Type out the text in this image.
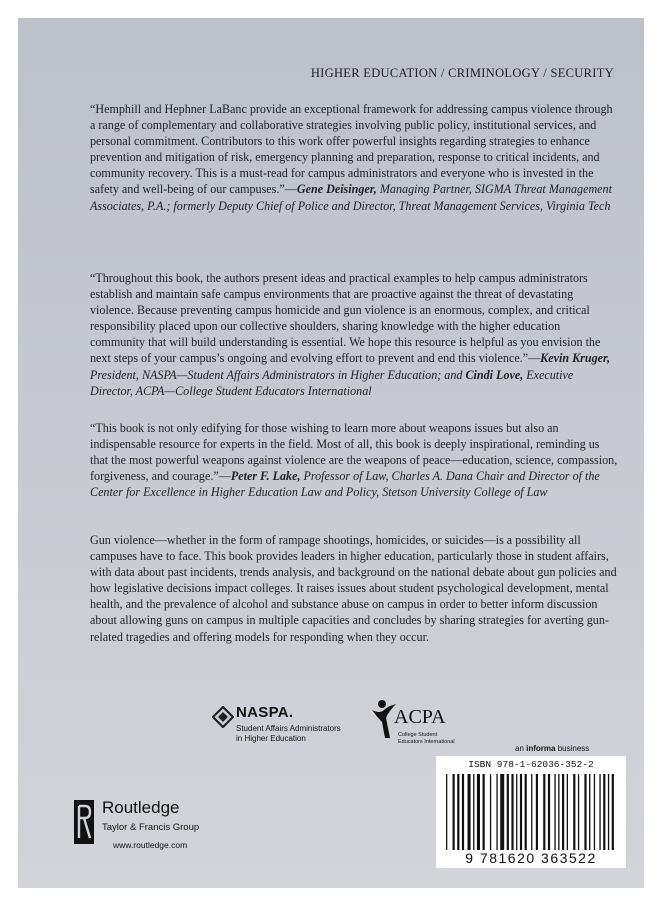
HIGHER EDUCATION / CRIMINOLOGY / SECURITY

“Hemphill and Hephner LaBanc provide an exceptional framework for addressing campus violence through a range of complementary and collaborative strategies involving public policy, institutional services, and personal commitment. Contributors to this work offer powerful insights regarding strategies to enhance prevention and mitigation of risk, emergency planning and preparation, response to critical incidents, and community recovery. This is a must-read for campus administrators and everyone who is invested in the safety and well-being of our campuses.”—Gene Deisinger, Managing Partner, SIGMA Threat Management Associates, P.A.; formerly Deputy Chief of Police and Director, Threat Management Services, Virginia Tech

“Throughout this book, the authors present ideas and practical examples to help campus administrators establish and maintain safe campus environments that are proactive against the threat of devastating violence. Because preventing campus homicide and gun violence is an enormous, complex, and critical responsibility placed upon our collective shoulders, sharing knowledge with the higher education community that will build understanding is essential. We hope this resource is helpful as you envision the next steps of your campus’s ongoing and evolving effort to prevent and end this violence.”—Kevin Kruger, President, NASPA—Student Affairs Administrators in Higher Education; and Cindi Love, Executive Director, ACPA—College Student Educators International

“This book is not only edifying for those wishing to learn more about weapons issues but also an indispensable resource for experts in the field. Most of all, this book is deeply inspirational, reminding us that the most powerful weapons against violence are the weapons of peace—education, science, compassion, forgiveness, and courage.”—Peter F. Lake, Professor of Law, Charles A. Dana Chair and Director of the Center for Excellence in Higher Education Law and Policy, Stetson University College of Law

Gun violence—whether in the form of rampage shootings, homicides, or suicides—is a possibility all campuses have to face. This book provides leaders in higher education, particularly those in student affairs, with data about past incidents, trends analysis, and background on the national debate about gun policies and how legislative decisions impact colleges. It raises issues about student psychological development, mental health, and the prevalence of alcohol and substance abuse on campus in order to better inform discussion about allowing guns on campus in multiple capacities and concludes by sharing strategies for averting gun-related tragedies and offering models for responding when they occur.

NASPA.
Student Affairs Administrators
in Higher Education
ACPA
College Student
Educators International
an informa business
ISBN 978-1-62036-352-2
9 781620 363522
Routledge
Taylor & Francis Group
www.routledge.com
